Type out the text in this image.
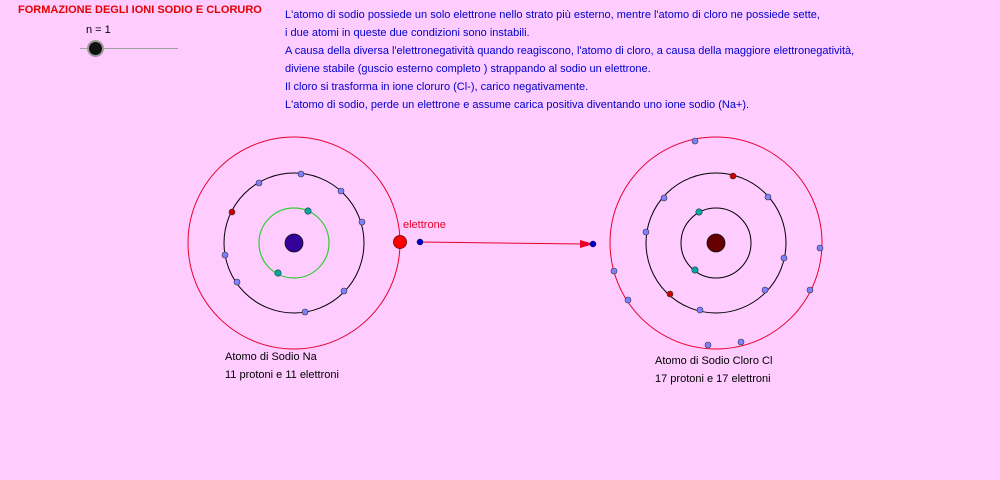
FORMAZIONE DEGLI IONI SODIO E CLORURO
n = 1
L'atomo di sodio possiede un solo elettrone nello strato più esterno, mentre l'atomo di cloro ne possiede sette,
i due atomi in queste due condizioni sono instabili.
A causa della diversa l'elettronegatività quando reagiscono, l'atomo di cloro, a causa della maggiore elettronegatività,
diviene stabile (guscio esterno completo ) strappando al sodio un elettrone.
Il cloro si trasforma in ione cloruro (Cl-), carico negativamente.
L'atomo di sodio, perde un elettrone e assume carica positiva diventando uno ione sodio (Na+).
elettrone
Atomo di Sodio Na
11 protoni e 11 elettroni
Atomo di Sodio Cloro Cl
17 protoni e 17 elettroni
